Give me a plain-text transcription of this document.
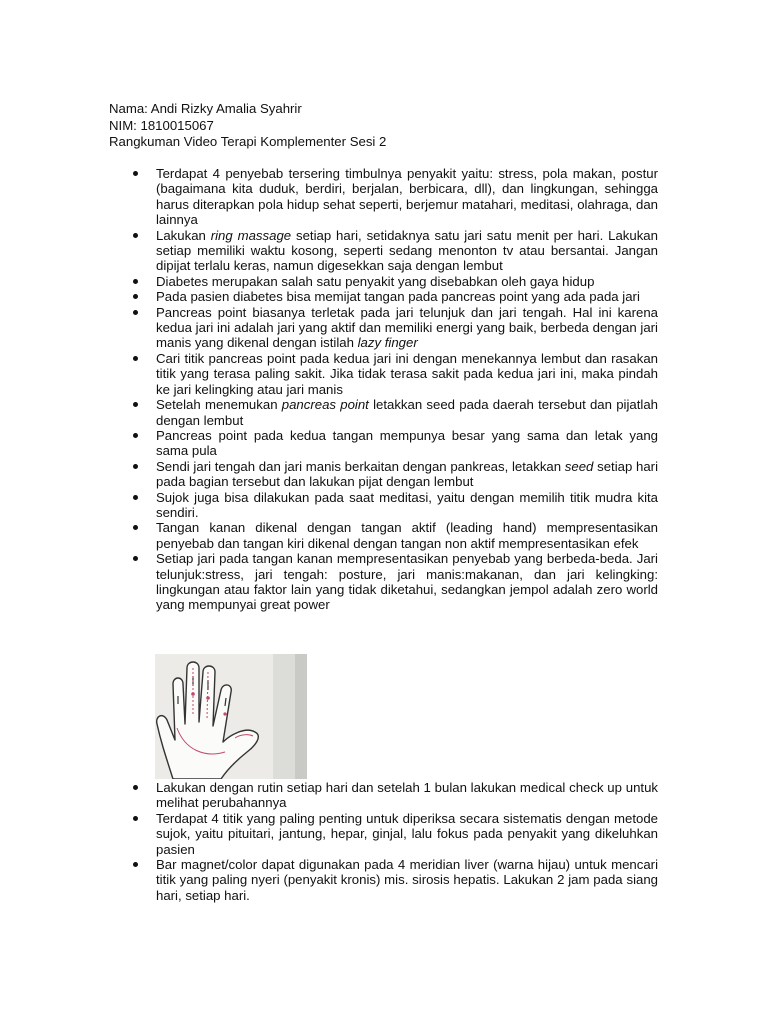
Nama: Andi Rizky Amalia Syahrir
NIM: 1810015067
Rangkuman Video Terapi Komplementer Sesi 2
Terdapat 4 penyebab tersering timbulnya penyakit yaitu: stress, pola makan, postur (bagaimana kita duduk, berdiri, berjalan, berbicara, dll), dan lingkungan, sehingga harus diterapkan pola hidup sehat seperti, berjemur matahari, meditasi, olahraga, dan lainnya
Lakukan ring massage setiap hari, setidaknya satu jari satu menit per hari. Lakukan setiap memiliki waktu kosong, seperti sedang menonton tv atau bersantai. Jangan dipijat terlalu keras, namun digesekkan saja dengan lembut
Diabetes merupakan salah satu penyakit yang disebabkan oleh gaya hidup
Pada pasien diabetes bisa memijat tangan pada pancreas point yang ada pada jari
Pancreas point biasanya terletak pada jari telunjuk dan jari tengah. Hal ini karena kedua jari ini adalah jari yang aktif dan memiliki energi yang baik, berbeda dengan jari manis yang dikenal dengan istilah lazy finger
Cari titik pancreas point pada kedua jari ini dengan menekannya lembut dan rasakan titik yang terasa paling sakit. Jika tidak terasa sakit pada kedua jari ini, maka pindah ke jari kelingking atau jari manis
Setelah menemukan pancreas point letakkan seed pada daerah tersebut dan pijatlah dengan lembut
Pancreas point pada kedua tangan mempunya besar yang sama dan letak yang sama pula
Sendi jari tengah dan jari manis berkaitan dengan pankreas, letakkan seed setiap hari pada bagian tersebut dan lakukan pijat dengan lembut
Sujok juga bisa dilakukan pada saat meditasi, yaitu dengan memilih titik mudra kita sendiri.
Tangan kanan dikenal dengan tangan aktif (leading hand) mempresentasikan penyebab dan tangan kiri dikenal dengan tangan non aktif mempresentasikan efek
Setiap jari pada tangan kanan mempresentasikan penyebab yang berbeda-beda. Jari telunjuk:stress, jari tengah: posture, jari manis:makanan, dan jari kelingking: lingkungan atau faktor lain yang tidak diketahui, sedangkan jempol adalah zero world yang mempunyai great power
Lakukan dengan rutin setiap hari dan setelah 1 bulan lakukan medical check up untuk melihat perubahannya
Terdapat 4 titik yang paling penting untuk diperiksa secara sistematis dengan metode sujok, yaitu pituitari, jantung, hepar, ginjal, lalu fokus pada penyakit yang dikeluhkan pasien
Bar magnet/color dapat digunakan pada 4 meridian liver (warna hijau) untuk mencari titik yang paling nyeri (penyakit kronis) mis. sirosis hepatis. Lakukan 2 jam pada siang hari, setiap hari.
